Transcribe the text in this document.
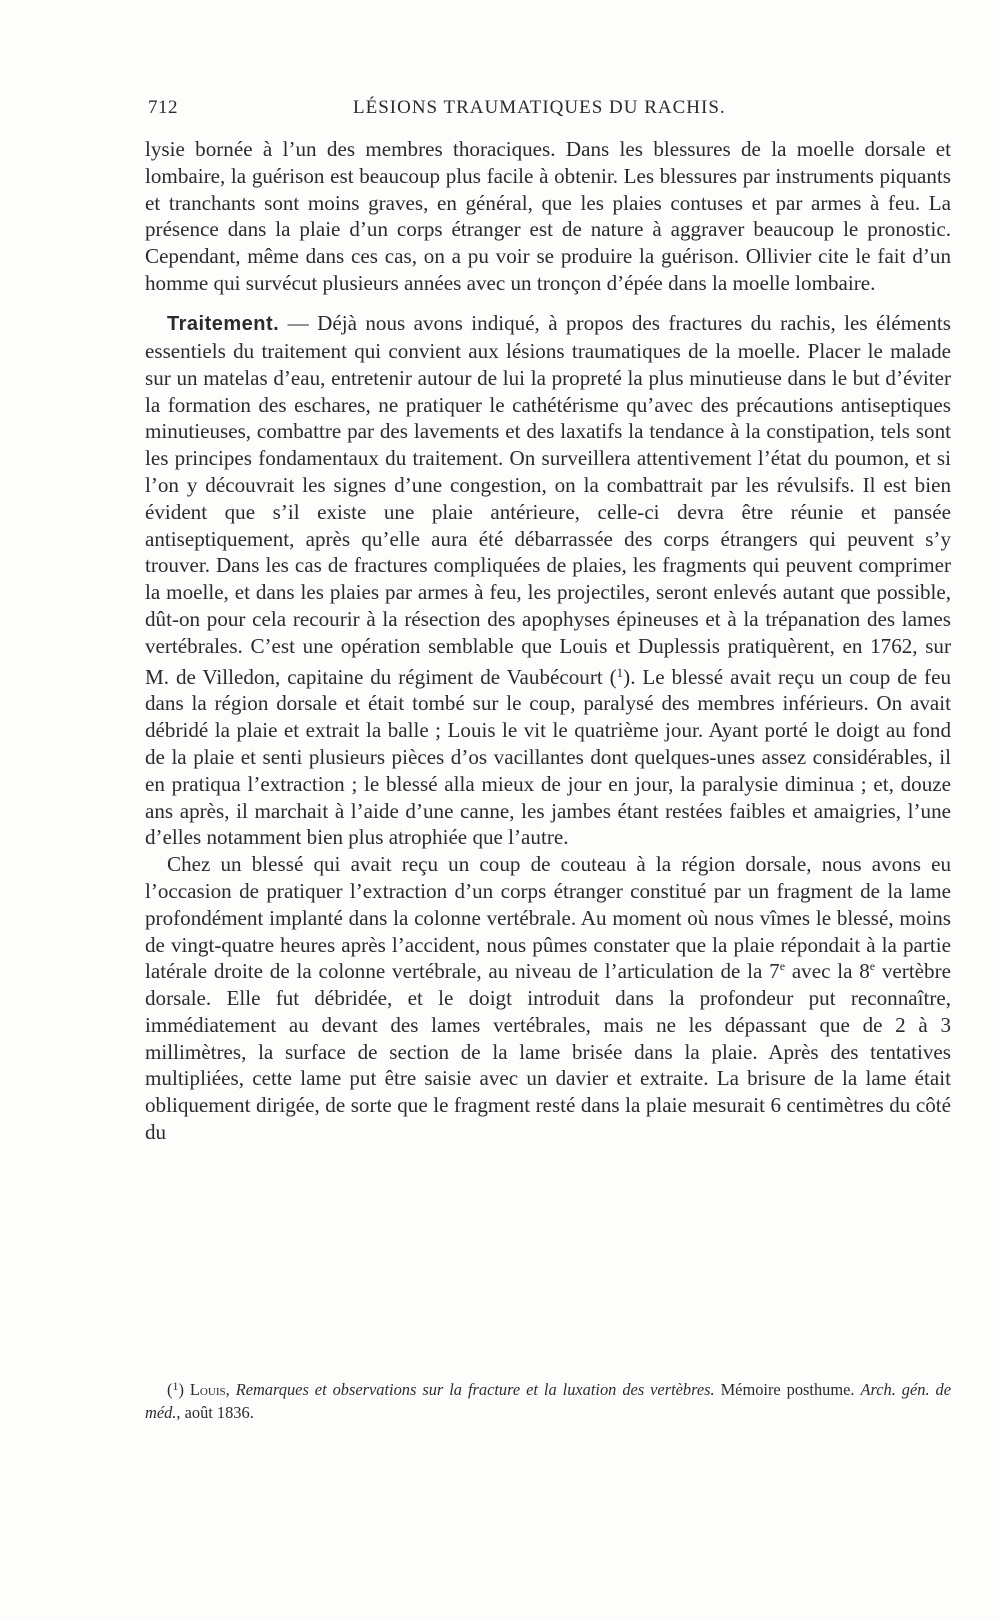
712	LÉSIONS TRAUMATIQUES DU RACHIS.

lysie bornée à l’un des membres thoraciques. Dans les blessures de la moelle dorsale et lombaire, la guérison est beaucoup plus facile à obtenir. Les blessures par instruments piquants et tranchants sont moins graves, en général, que les plaies contuses et par armes à feu. La présence dans la plaie d’un corps étranger est de nature à aggraver beaucoup le pronostic. Cependant, même dans ces cas, on a pu voir se produire la guérison. Ollivier cite le fait d’un homme qui survécut plusieurs années avec un tronçon d’épée dans la moelle lombaire.

Traitement. — Déjà nous avons indiqué, à propos des fractures du rachis, les éléments essentiels du traitement qui convient aux lésions traumatiques de la moelle. Placer le malade sur un matelas d’eau, entretenir autour de lui la propreté la plus minutieuse dans le but d’éviter la formation des eschares, ne pratiquer le cathétérisme qu’avec des précautions antiseptiques minutieuses, combattre par des lavements et des laxatifs la tendance à la constipation, tels sont les principes fondamentaux du traitement. On surveillera attentivement l’état du poumon, et si l’on y découvrait les signes d’une congestion, on la combattrait par les révulsifs. Il est bien évident que s’il existe une plaie antérieure, celle-ci devra être réunie et pansée antiseptiquement, après qu’elle aura été débarrassée des corps étrangers qui peuvent s’y trouver. Dans les cas de fractures compliquées de plaies, les fragments qui peuvent comprimer la moelle, et dans les plaies par armes à feu, les projectiles, seront enlevés autant que possible, dût-on pour cela recourir à la résection des apophyses épineuses et à la trépanation des lames vertébrales. C’est une opération semblable que Louis et Duplessis pratiquèrent, en 1762, sur M. de Villedon, capitaine du régiment de Vaubécourt ($^1$). Le blessé avait reçu un coup de feu dans la région dorsale et était tombé sur le coup, paralysé des membres inférieurs. On avait débridé la plaie et extrait la balle ; Louis le vit le quatrième jour. Ayant porté le doigt au fond de la plaie et senti plusieurs pièces d’os vacillantes dont quelques-unes assez considérables, il en pratiqua l’extraction ; le blessé alla mieux de jour en jour, la paralysie diminua ; et, douze ans après, il marchait à l’aide d’une canne, les jambes étant restées faibles et amaigries, l’une d’elles notamment bien plus atrophiée que l’autre.

Chez un blessé qui avait reçu un coup de couteau à la région dorsale, nous avons eu l’occasion de pratiquer l’extraction d’un corps étranger constitué par un fragment de la lame profondément implanté dans la colonne vertébrale. Au moment où nous vîmes le blessé, moins de vingt-quatre heures après l’accident, nous pûmes constater que la plaie répondait à la partie latérale droite de la colonne vertébrale, au niveau de l’articulation de la 7e avec la 8e vertèbre dorsale. Elle fut débridée, et le doigt introduit dans la profondeur put reconnaître, immédiatement au devant des lames vertébrales, mais ne les dépassant que de 2 à 3 millimètres, la surface de section de la lame brisée dans la plaie. Après des tentatives multipliées, cette lame put être saisie avec un davier et extraite. La brisure de la lame était obliquement dirigée, de sorte que le fragment resté dans la plaie mesurait 6 centimètres du côté du

($^1$) Louis, Remarques et observations sur la fracture et la luxation des vertèbres. Mémoire posthume. Arch. gén. de méd., août 1836.
